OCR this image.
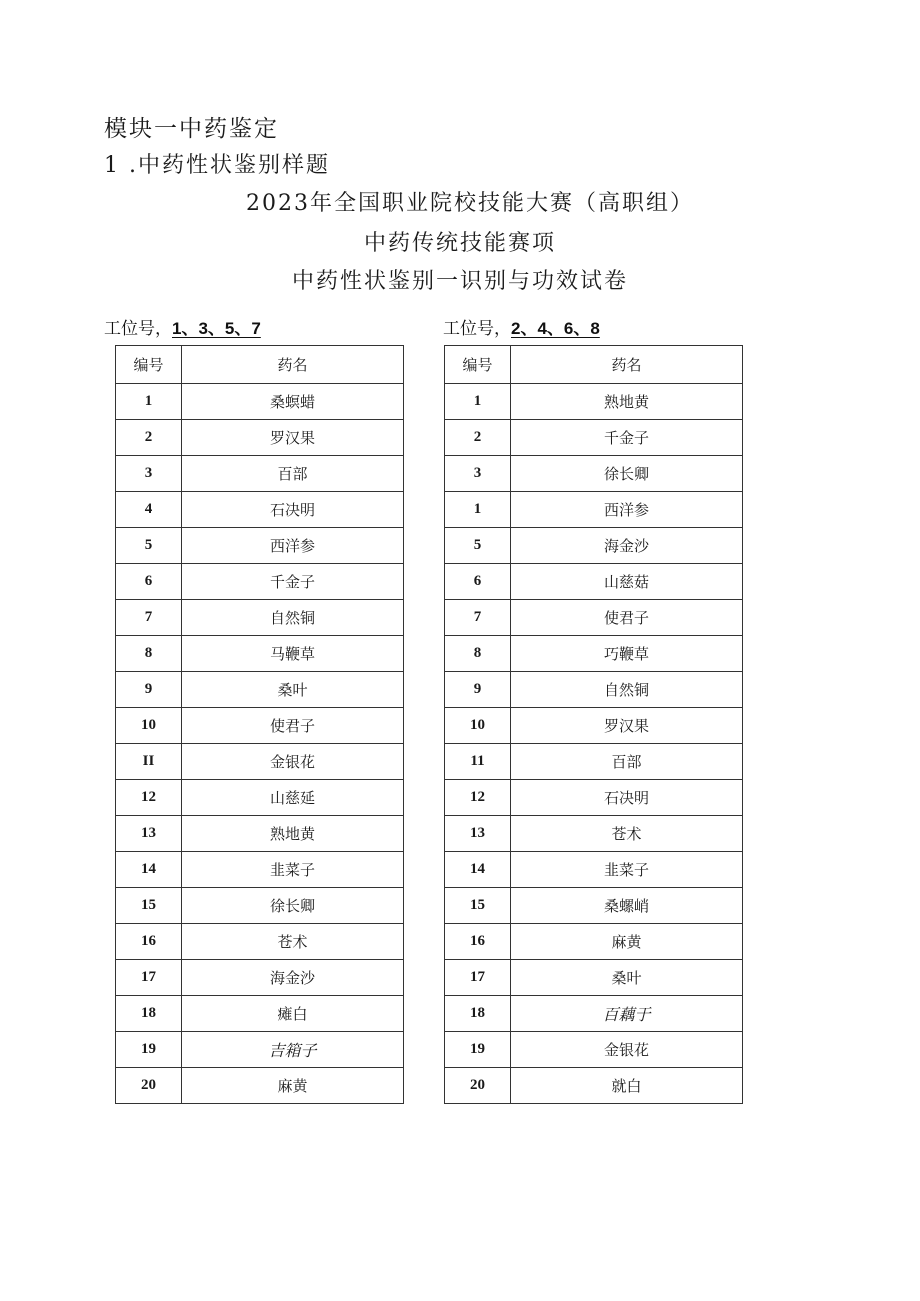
模块一中药鉴定
1 .中药性状鉴别样题
2023年全国职业院校技能大赛（高职组）
中药传统技能赛项
中药性状鉴别一识别与功效试卷
工位号，1、3、5、7	工位号，2、4、6、8
编号	药名
1	桑螟蜡
2	罗汉果
3	百部
4	石决明
5	西洋参
6	千金子
7	自然铜
8	马鞭草
9	桑叶
10	使君子
II	金银花
12	山慈延
13	熟地黄
14	韭菜子
15	徐长卿
16	苍术
17	海金沙
18	瘫白
19	吉箱子
20	麻黄
编号	药名
1	熟地黄
2	千金子
3	徐长卿
1	西洋参
5	海金沙
6	山慈菇
7	使君子
8	巧鞭草
9	自然铜
10	罗汉果
11	百部
12	石决明
13	苍术
14	韭菜子
15	桑螺峭
16	麻黄
17	桑叶
18	百藕于
19	金银花
20	就白
